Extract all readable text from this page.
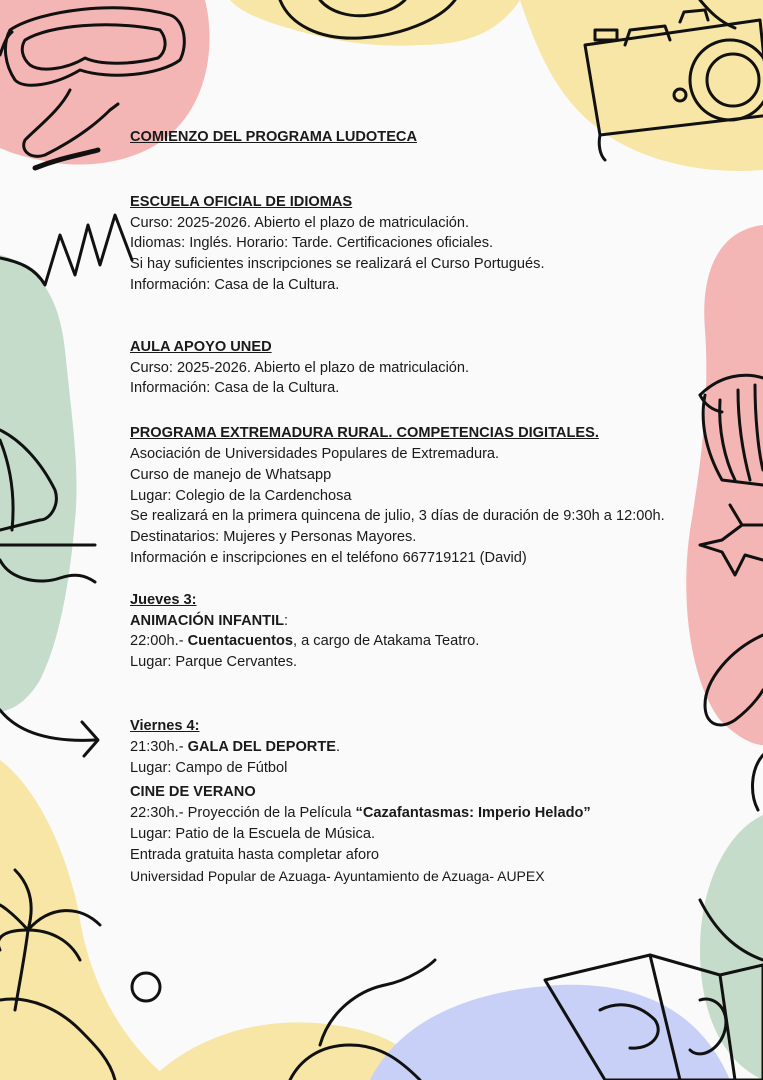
COMIENZO DEL PROGRAMA LUDOTECA
ESCUELA OFICIAL DE IDIOMAS
Curso: 2025-2026. Abierto el plazo de matriculación.
Idiomas: Inglés. Horario: Tarde. Certificaciones oficiales.
Si hay suficientes inscripciones se realizará el Curso Portugués.
Información: Casa de la Cultura.
AULA APOYO UNED
Curso: 2025-2026. Abierto el plazo de matriculación.
Información: Casa de la Cultura.
PROGRAMA EXTREMADURA RURAL. COMPETENCIAS DIGITALES.
Asociación de Universidades Populares de Extremadura.
Curso de manejo de Whatsapp
Lugar: Colegio de la Cardenchosa
Se realizará en la primera quincena de julio, 3 días de duración de 9:30h a 12:00h.
Destinatarios: Mujeres y Personas Mayores.
Información e inscripciones en el teléfono 667719121 (David)
Jueves 3:
ANIMACIÓN INFANTIL:
22:00h.- Cuentacuentos, a cargo de Atakama Teatro.
Lugar: Parque Cervantes.
Viernes 4:
21:30h.- GALA DEL DEPORTE.
Lugar: Campo de Fútbol
CINE DE VERANO
22:30h.- Proyección de la Película “Cazafantasmas: Imperio Helado”
Lugar: Patio de la Escuela de Música.
Entrada gratuita hasta completar aforo
Universidad Popular de Azuaga- Ayuntamiento de Azuaga- AUPEX
